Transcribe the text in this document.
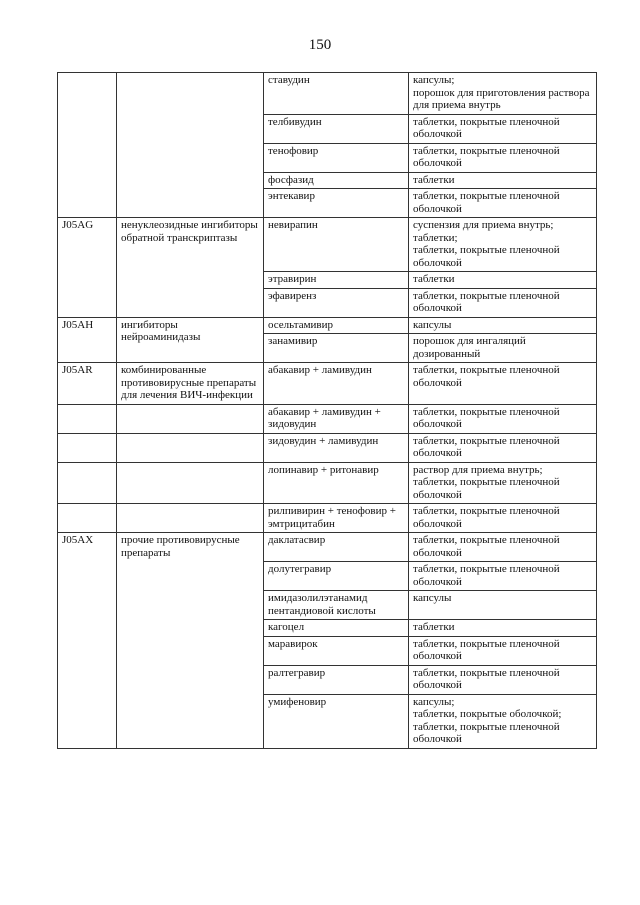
150
		ставудин	капсулы;
порошок для приготовления раствора для приема внутрь
		телбивудин	таблетки, покрытые пленочной оболочкой
		тенофовир	таблетки, покрытые пленочной оболочкой
		фосфазид	таблетки
		энтекавир	таблетки, покрытые пленочной оболочкой
J05AG	ненуклеозидные ингибиторы обратной транскриптазы	невирапин	суспензия для приема внутрь;
таблетки;
таблетки, покрытые пленочной оболочкой
		этравирин	таблетки
		эфавиренз	таблетки, покрытые пленочной оболочкой
J05AH	ингибиторы нейроаминидазы	осельтамивир	капсулы
		занамивир	порошок для ингаляций дозированный
J05AR	комбинированные противовирусные препараты для лечения ВИЧ-инфекции	абакавир + ламивудин	таблетки, покрытые пленочной оболочкой
		абакавир + ламивудин + зидовудин	таблетки, покрытые пленочной оболочкой
		зидовудин + ламивудин	таблетки, покрытые пленочной оболочкой
		лопинавир + ритонавир	раствор для приема внутрь;
таблетки, покрытые пленочной оболочкой
		рилпивирин + тенофовир + эмтрицитабин	таблетки, покрытые пленочной оболочкой
J05AX	прочие противовирусные препараты	даклатасвир	таблетки, покрытые пленочной оболочкой
		долутегравир	таблетки, покрытые пленочной оболочкой
		имидазолилэтанамид пентандиовой кислоты	капсулы
		кагоцел	таблетки
		маравирок	таблетки, покрытые пленочной оболочкой
		ралтегравир	таблетки, покрытые пленочной оболочкой
		умифеновир	капсулы;
таблетки, покрытые оболочкой;
таблетки, покрытые пленочной оболочкой
